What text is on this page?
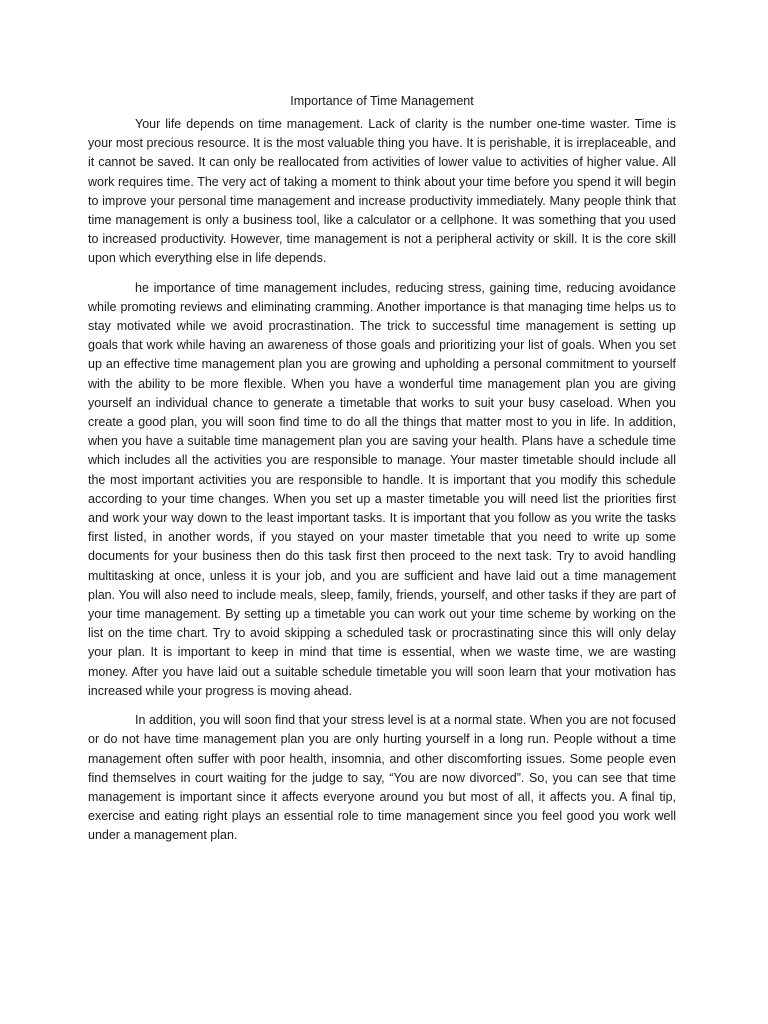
Importance of Time Management

Your life depends on time management. Lack of clarity is the number one-time waster. Time is your most precious resource. It is the most valuable thing you have. It is perishable, it is irreplaceable, and it cannot be saved. It can only be reallocated from activities of lower value to activities of higher value. All work requires time. The very act of taking a moment to think about your time before you spend it will begin to improve your personal time management and increase productivity immediately. Many people think that time management is only a business tool, like a calculator or a cellphone. It was something that you used to increased productivity. However, time management is not a peripheral activity or skill. It is the core skill upon which everything else in life depends.

he importance of time management includes, reducing stress, gaining time, reducing avoidance while promoting reviews and eliminating cramming. Another importance is that managing time helps us to stay motivated while we avoid procrastination. The trick to successful time management is setting up goals that work while having an awareness of those goals and prioritizing your list of goals. When you set up an effective time management plan you are growing and upholding a personal commitment to yourself with the ability to be more flexible. When you have a wonderful time management plan you are giving yourself an individual chance to generate a timetable that works to suit your busy caseload. When you create a good plan, you will soon find time to do all the things that matter most to you in life. In addition, when you have a suitable time management plan you are saving your health. Plans have a schedule time which includes all the activities you are responsible to manage. Your master timetable should include all the most important activities you are responsible to handle. It is important that you modify this schedule according to your time changes. When you set up a master timetable you will need list the priorities first and work your way down to the least important tasks. It is important that you follow as you write the tasks first listed, in another words, if you stayed on your master timetable that you need to write up some documents for your business then do this task first then proceed to the next task. Try to avoid handling multitasking at once, unless it is your job, and you are sufficient and have laid out a time management plan. You will also need to include meals, sleep, family, friends, yourself, and other tasks if they are part of your time management. By setting up a timetable you can work out your time scheme by working on the list on the time chart. Try to avoid skipping a scheduled task or procrastinating since this will only delay your plan. It is important to keep in mind that time is essential, when we waste time, we are wasting money. After you have laid out a suitable schedule timetable you will soon learn that your motivation has increased while your progress is moving ahead.

In addition, you will soon find that your stress level is at a normal state. When you are not focused or do not have time management plan you are only hurting yourself in a long run. People without a time management often suffer with poor health, insomnia, and other discomforting issues. Some people even find themselves in court waiting for the judge to say, “You are now divorced”. So, you can see that time management is important since it affects everyone around you but most of all, it affects you. A final tip, exercise and eating right plays an essential role to time management since you feel good you work well under a management plan.
